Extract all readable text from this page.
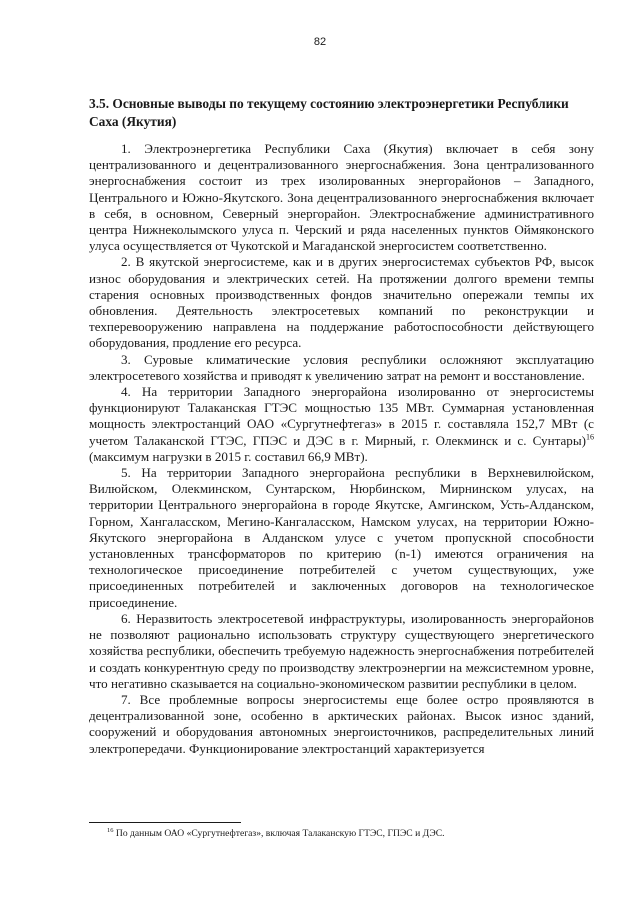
82
3.5. Основные выводы по текущему состоянию электроэнергетики Республики Саха (Якутия)

1. Электроэнергетика Республики Саха (Якутия) включает в себя зону централизованного и децентрализованного энергоснабжения. Зона централизованного энергоснабжения состоит из трех изолированных энергорайонов – Западного, Центрального и Южно-Якутского. Зона децентрализованного энергоснабжения включает в себя, в основном, Северный энергорайон. Электроснабжение административного центра Нижнеколымского улуса п. Черский и ряда населенных пунктов Оймяконского улуса осуществляется от Чукотской и Магаданской энергосистем соответственно.

2. В якутской энергосистеме, как и в других энергосистемах субъектов РФ, высок износ оборудования и электрических сетей. На протяжении долгого времени темпы старения основных производственных фондов значительно опережали темпы их обновления. Деятельность электросетевых компаний по реконструкции и техперевооружению направлена на поддержание работоспособности действующего оборудования, продление его ресурса.

3. Суровые климатические условия республики осложняют эксплуатацию электросетевого хозяйства и приводят к увеличению затрат на ремонт и восстановление.

4. На территории Западного энергорайона изолированно от энергосистемы функционируют Талаканская ГТЭС мощностью 135 МВт. Суммарная установленная мощность электростанций ОАО «Сургутнефтегаз» в 2015 г. составляла 152,7 МВт (с учетом Талаканской ГТЭС, ГПЭС и ДЭС в г. Мирный, г. Олекминск и с. Сунтары)$^{16}$ (максимум нагрузки в 2015 г. составил 66,9 МВт).

5. На территории Западного энергорайона республики в Верхневилюйском, Вилюйском, Олекминском, Сунтарском, Нюрбинском, Мирнинском улусах, на территории Центрального энергорайона в городе Якутске, Амгинском, Усть-Алданском, Горном, Хангаласском, Мегино-Кангаласском, Намском улусах, на территории Южно-Якутского энергорайона в Алданском улусе с учетом пропускной способности установленных трансформаторов по критерию (n-1) имеются ограничения на технологическое присоединение потребителей с учетом существующих, уже присоединенных потребителей и заключенных договоров на технологическое присоединение.

6. Неразвитость электросетевой инфраструктуры, изолированность энергорайонов не позволяют рационально использовать структуру существующего энергетического хозяйства республики, обеспечить требуемую надежность энергоснабжения потребителей и создать конкурентную среду по производству электроэнергии на межсистемном уровне, что негативно сказывается на социально-экономическом развитии республики в целом.

7. Все проблемные вопросы энергосистемы еще более остро проявляются в децентрализованной зоне, особенно в арктических районах. Высок износ зданий, сооружений и оборудования автономных энергоисточников, распределительных линий электропередачи. Функционирование электростанций характеризуется

$^{16}$ По данным ОАО «Сургутнефтегаз», включая Талаканскую ГТЭС, ГПЭС и ДЭС.
